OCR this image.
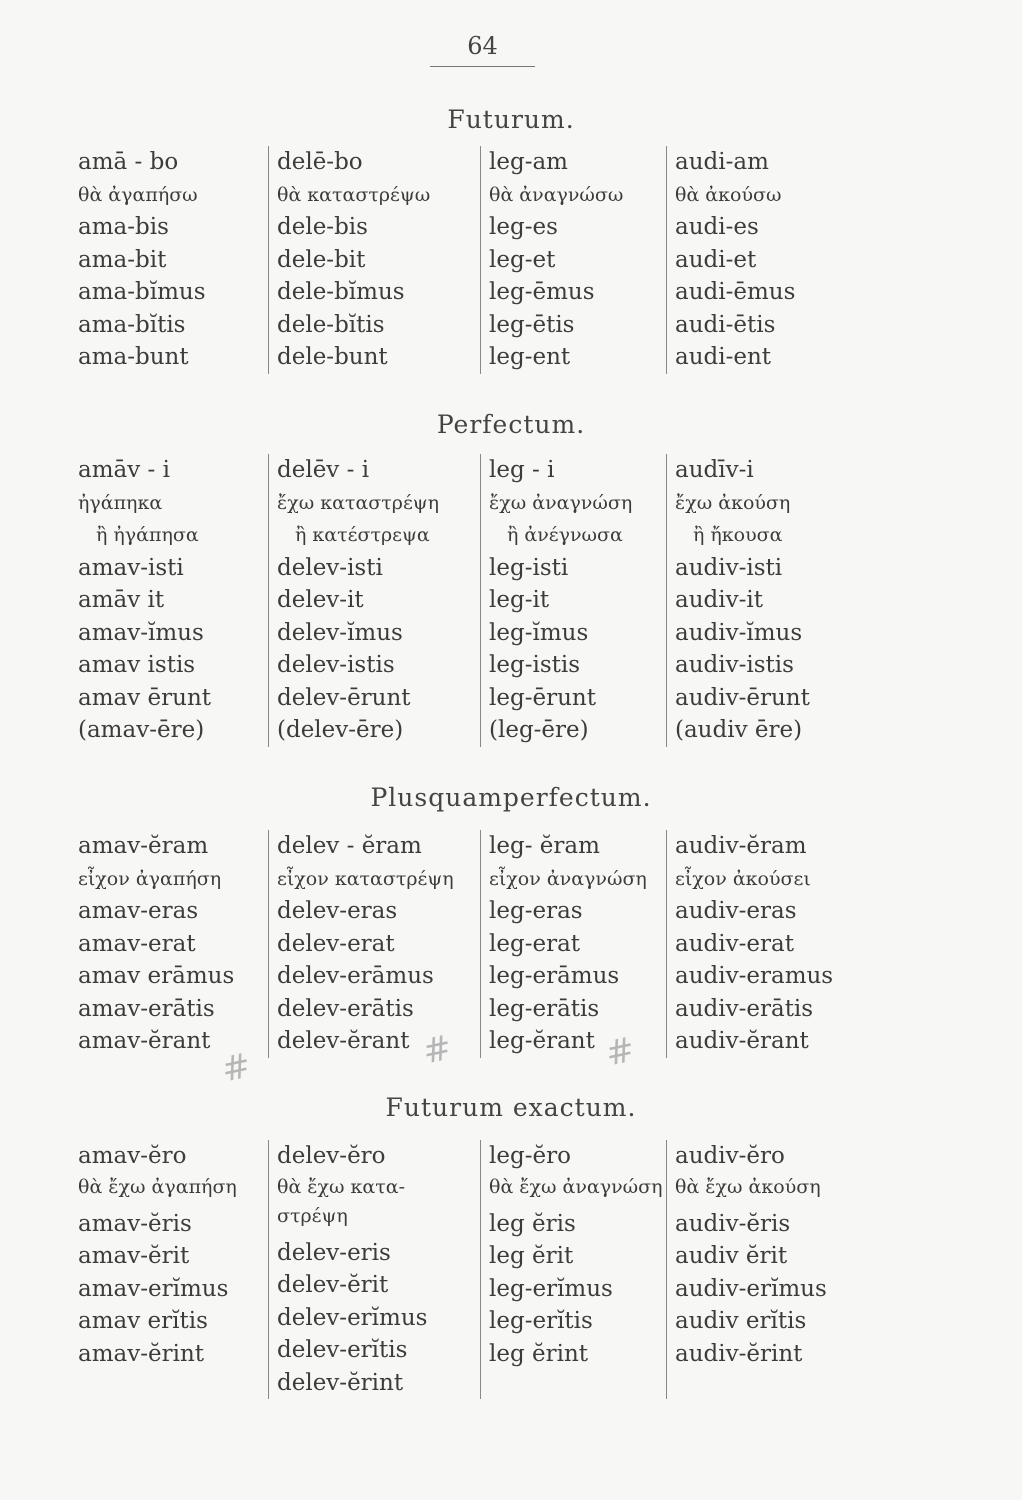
64
Futurum.
amā - bo
θὰ ἀγαπήσω
ama-bis
ama-bit
ama-bĭmus
ama-bĭtis
ama-bunt
delē-bo
θὰ καταστρέψω
dele-bis
dele-bit
dele-bĭmus
dele-bĭtis
dele-bunt
leg-am
θὰ ἀναγνώσω
leg-es
leg-et
leg-ēmus
leg-ētis
leg-ent
audi-am
θὰ ἀκούσω
audi-es
audi-et
audi-ēmus
audi-ētis
audi-ent
Perfectum.
amāv - i
ἠγάπηκα
ἢ ἠγάπησα
amav-isti
amāv it
amav-ĭmus
amav istis
amav ērunt
(amav-ēre)
delēv - i
ἔχω καταστρέψη
ἢ κατέστρεψα
delev-isti
delev-it
delev-ĭmus
delev-istis
delev-ērunt
(delev-ēre)
leg - i
ἔχω ἀναγνώση
ἢ ἀνέγνωσα
leg-isti
leg-it
leg-ĭmus
leg-istis
leg-ērunt
(leg-ēre)
audīv-i
ἔχω ἀκούση
ἢ ἤκουσα
audiv-isti
audiv-it
audiv-ĭmus
audiv-istis
audiv-ērunt
(audiv ēre)
Plusquamperfectum.
amav-ĕram
εἶχον ἀγαπήση
amav-eras
amav-erat
amav erāmus
amav-erātis
amav-ĕrant
delev - ĕram
εἶχον καταστρέψη
delev-eras
delev-erat
delev-erāmus
delev-erātis
delev-ĕrant
leg- ĕram
εἶχον ἀναγνώση
leg-eras
leg-erat
leg-erāmus
leg-erātis
leg-ĕrant
audiv-ĕram
εἶχον ἀκούσει
audiv-eras
audiv-erat
audiv-eramus
audiv-erātis
audiv-ĕrant
Futurum exactum.
amav-ĕro
θὰ ἔχω ἀγαπήση
amav-ĕris
amav-ĕrit
amav-erĭmus
amav erĭtis
amav-ĕrint
delev-ĕro
θὰ ἔχω κατα- στρέψη
delev-eris
delev-ĕrit
delev-erĭmus
delev-erĭtis
delev-ĕrint
leg-ĕro
θὰ ἔχω ἀναγνώση
leg ĕris
leg ĕrit
leg-erĭmus
leg-erĭtis
leg ĕrint
audiv-ĕro
θὰ ἔχω ἀκούση
audiv-ĕris
audiv ĕrit
audiv-erĭmus
audiv erĭtis
audiv-ĕrint
#	#	#
